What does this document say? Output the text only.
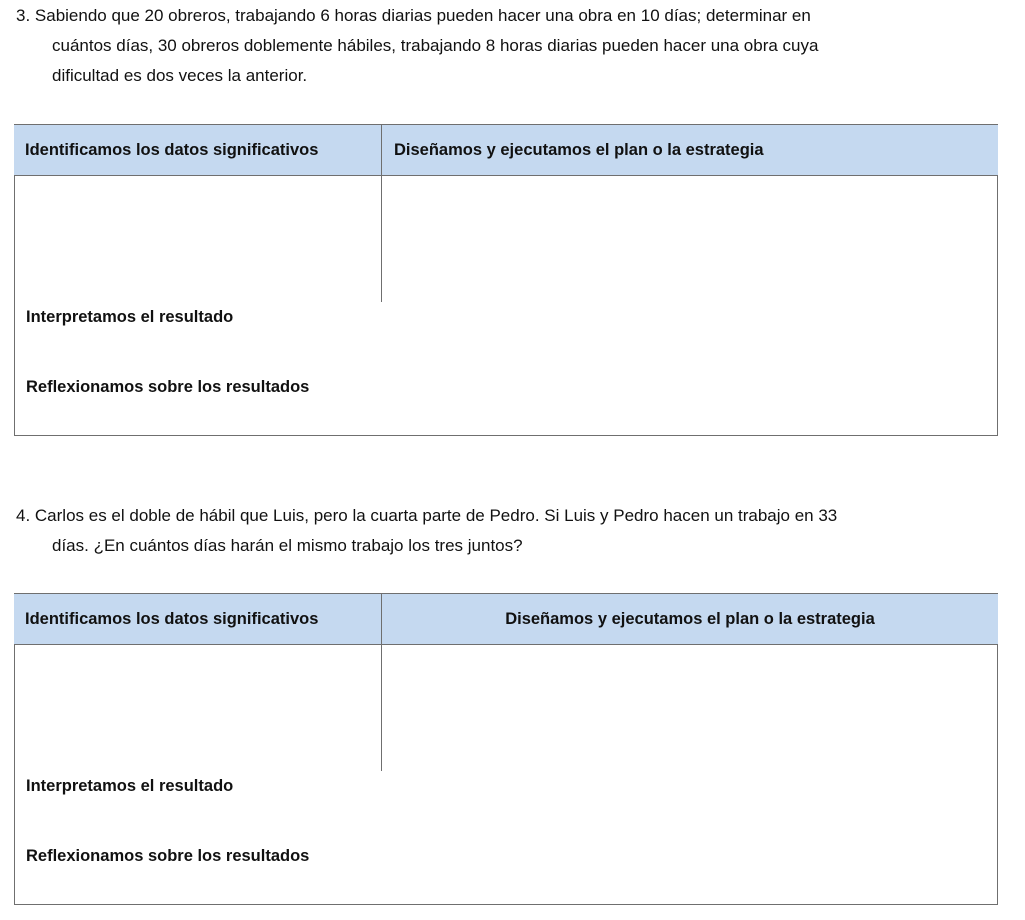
3. Sabiendo que 20 obreros, trabajando 6 horas diarias pueden hacer una obra en 10 días; determinar en

cuántos días, 30 obreros doblemente hábiles, trabajando 8 horas diarias pueden hacer una obra cuya

dificultad es dos veces la anterior.

Identificamos los datos significativos	Diseñamos y ejecutamos el plan o la estrategia
Interpretamos el resultado
Reflexionamos sobre los resultados

4. Carlos es el doble de hábil que Luis, pero la cuarta parte de Pedro. Si Luis y Pedro hacen un trabajo en 33

días. ¿En cuántos días harán el mismo trabajo los tres juntos?

Identificamos los datos significativos	Diseñamos y ejecutamos el plan o la estrategia
Interpretamos el resultado
Reflexionamos sobre los resultados
